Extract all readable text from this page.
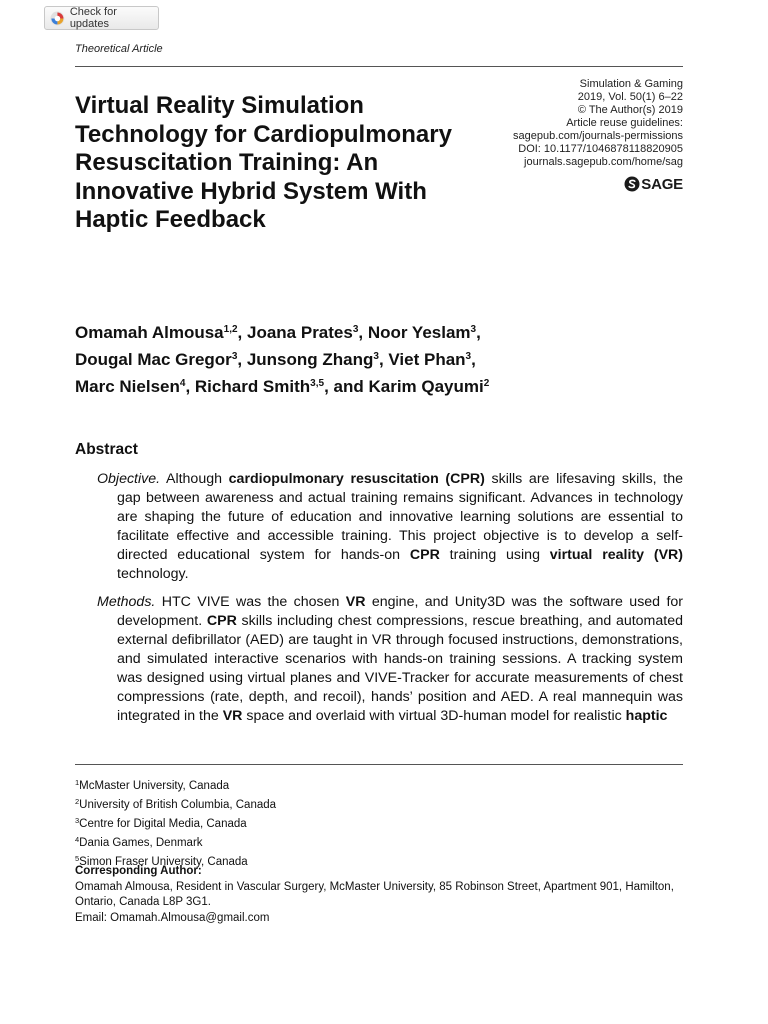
Check for updates
Theoretical Article
Simulation & Gaming
2019, Vol. 50(1) 6–22
© The Author(s) 2019
Article reuse guidelines:
sagepub.com/journals-permissions
DOI: 10.1177/1046878118820905
journals.sagepub.com/home/sag
SAGE
Virtual Reality Simulation Technology for Cardiopulmonary Resuscitation Training: An Innovative Hybrid System With Haptic Feedback
Omamah Almousa$^{1,2}$, Joana Prates$^3$, Noor Yeslam$^3$,
Dougal Mac Gregor$^3$, Junsong Zhang$^3$, Viet Phan$^3$,
Marc Nielsen$^4$, Richard Smith$^{3,5}$, and Karim Qayumi$^2$
Abstract

Objective. Although cardiopulmonary resuscitation (CPR) skills are lifesaving skills, the gap between awareness and actual training remains significant. Advances in technology are shaping the future of education and innovative learning solutions are essential to facilitate effective and accessible training. This project objective is to develop a self-directed educational system for hands-on CPR training using virtual reality (VR) technology.

Methods. HTC VIVE was the chosen VR engine, and Unity3D was the software used for development. CPR skills including chest compressions, rescue breathing, and automated external defibrillator (AED) are taught in VR through focused instructions, demonstrations, and simulated interactive scenarios with hands-on training sessions. A tracking system was designed using virtual planes and VIVE-Tracker for accurate measurements of chest compressions (rate, depth, and recoil), hands’ position and AED. A real mannequin was integrated in the VR space and overlaid with virtual 3D-human model for realistic haptic

$^1$McMaster University, Canada
$^2$University of British Columbia, Canada
$^3$Centre for Digital Media, Canada
$^4$Dania Games, Denmark
$^5$Simon Fraser University, Canada
Corresponding Author:
Omamah Almousa, Resident in Vascular Surgery, McMaster University, 85 Robinson Street, Apartment 901, Hamilton, Ontario, Canada L8P 3G1.
Email: Omamah.Almousa@gmail.com
